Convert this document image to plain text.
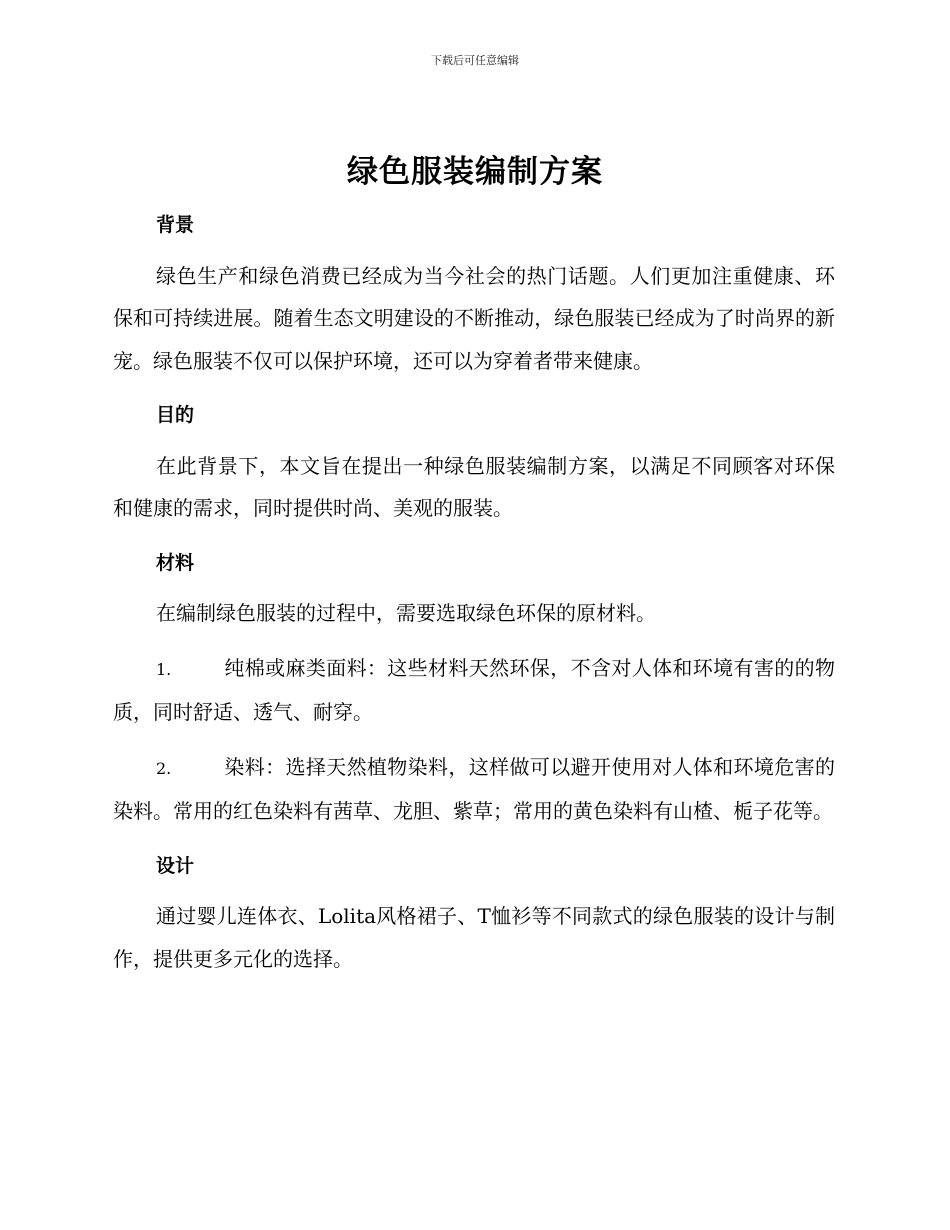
下载后可任意编辑
绿色服装编制方案

背景

绿色生产和绿色消费已经成为当今社会的热门话题。人们更加注重健康、环保和可持续进展。随着生态文明建设的不断推动，绿色服装已经成为了时尚界的新宠。绿色服装不仅可以保护环境，还可以为穿着者带来健康。

目的

在此背景下，本文旨在提出一种绿色服装编制方案，以满足不同顾客对环保和健康的需求，同时提供时尚、美观的服装。

材料

在编制绿色服装的过程中，需要选取绿色环保的原材料。

1.	纯棉或麻类面料：这些材料天然环保，不含对人体和环境有害的的物质，同时舒适、透气、耐穿。

2.	染料：选择天然植物染料，这样做可以避开使用对人体和环境危害的染料。常用的红色染料有茜草、龙胆、紫草；常用的黄色染料有山楂、栀子花等。

设计

通过婴儿连体衣、Lolita风格裙子、T恤衫等不同款式的绿色服装的设计与制作，提供更多元化的选择。
